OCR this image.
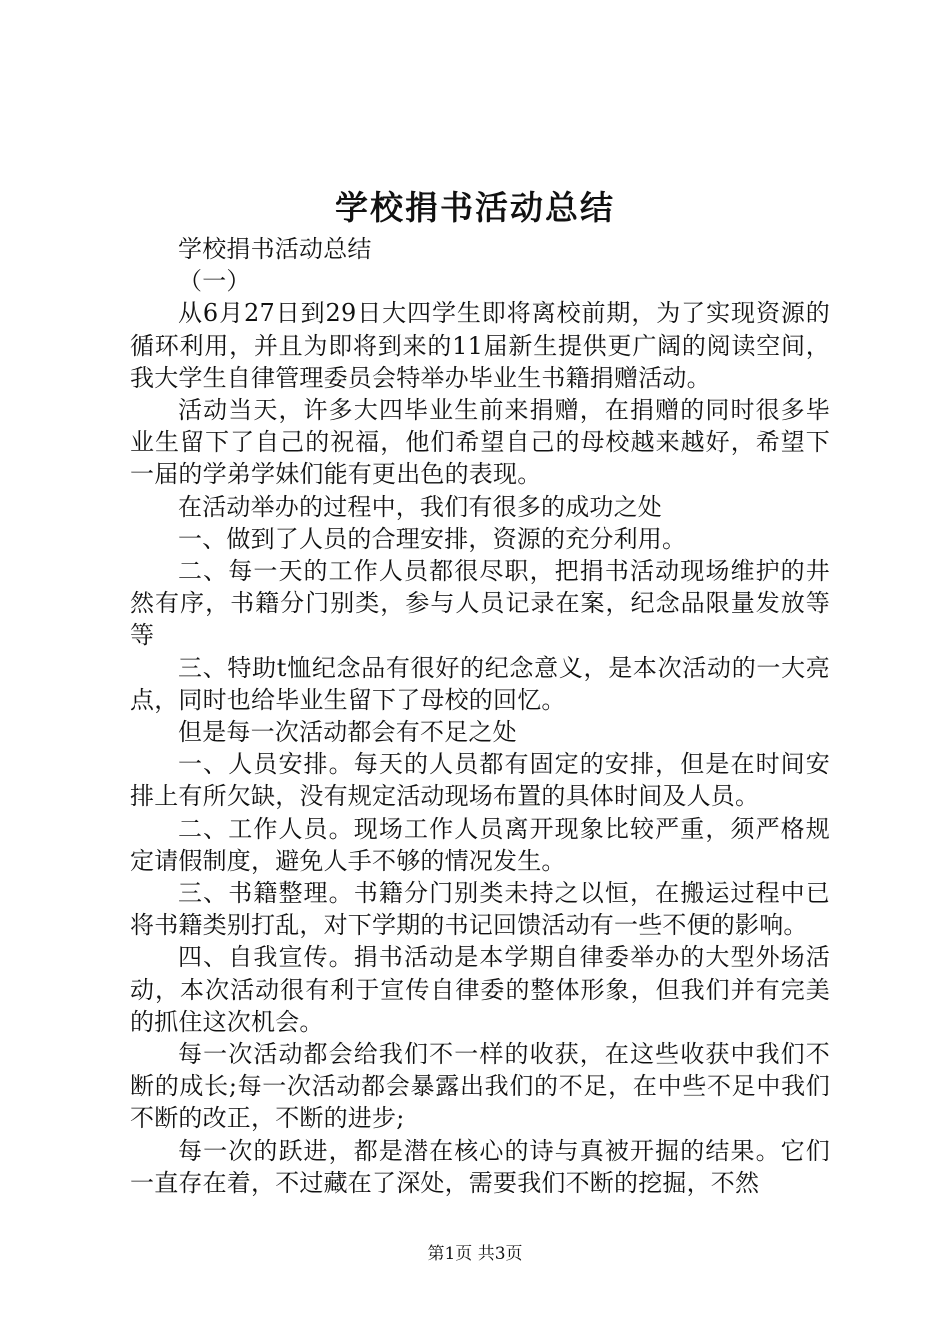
学校捐书活动总结

学校捐书活动总结

（一）

从6月27日到29日大四学生即将离校前期，为了实现资源的循环利用，并且为即将到来的11届新生提供更广阔的阅读空间，我大学生自律管理委员会特举办毕业生书籍捐赠活动。

活动当天，许多大四毕业生前来捐赠，在捐赠的同时很多毕业生留下了自己的祝福，他们希望自己的母校越来越好，希望下一届的学弟学妹们能有更出色的表现。

在活动举办的过程中，我们有很多的成功之处

一、做到了人员的合理安排，资源的充分利用。

二、每一天的工作人员都很尽职，把捐书活动现场维护的井然有序，书籍分门别类，参与人员记录在案，纪念品限量发放等等

三、特助t恤纪念品有很好的纪念意义，是本次活动的一大亮点，同时也给毕业生留下了母校的回忆。

但是每一次活动都会有不足之处

一、人员安排。每天的人员都有固定的安排，但是在时间安排上有所欠缺，没有规定活动现场布置的具体时间及人员。

二、工作人员。现场工作人员离开现象比较严重，须严格规定请假制度，避免人手不够的情况发生。

三、书籍整理。书籍分门别类未持之以恒，在搬运过程中已将书籍类别打乱，对下学期的书记回馈活动有一些不便的影响。

四、自我宣传。捐书活动是本学期自律委举办的大型外场活动，本次活动很有利于宣传自律委的整体形象，但我们并有完美的抓住这次机会。

每一次活动都会给我们不一样的收获，在这些收获中我们不断的成长;每一次活动都会暴露出我们的不足，在中些不足中我们不断的改正，不断的进步;

每一次的跃进，都是潜在核心的诗与真被开掘的结果。它们一直存在着，不过藏在了深处，需要我们不断的挖掘，不然

第1页 共3页
